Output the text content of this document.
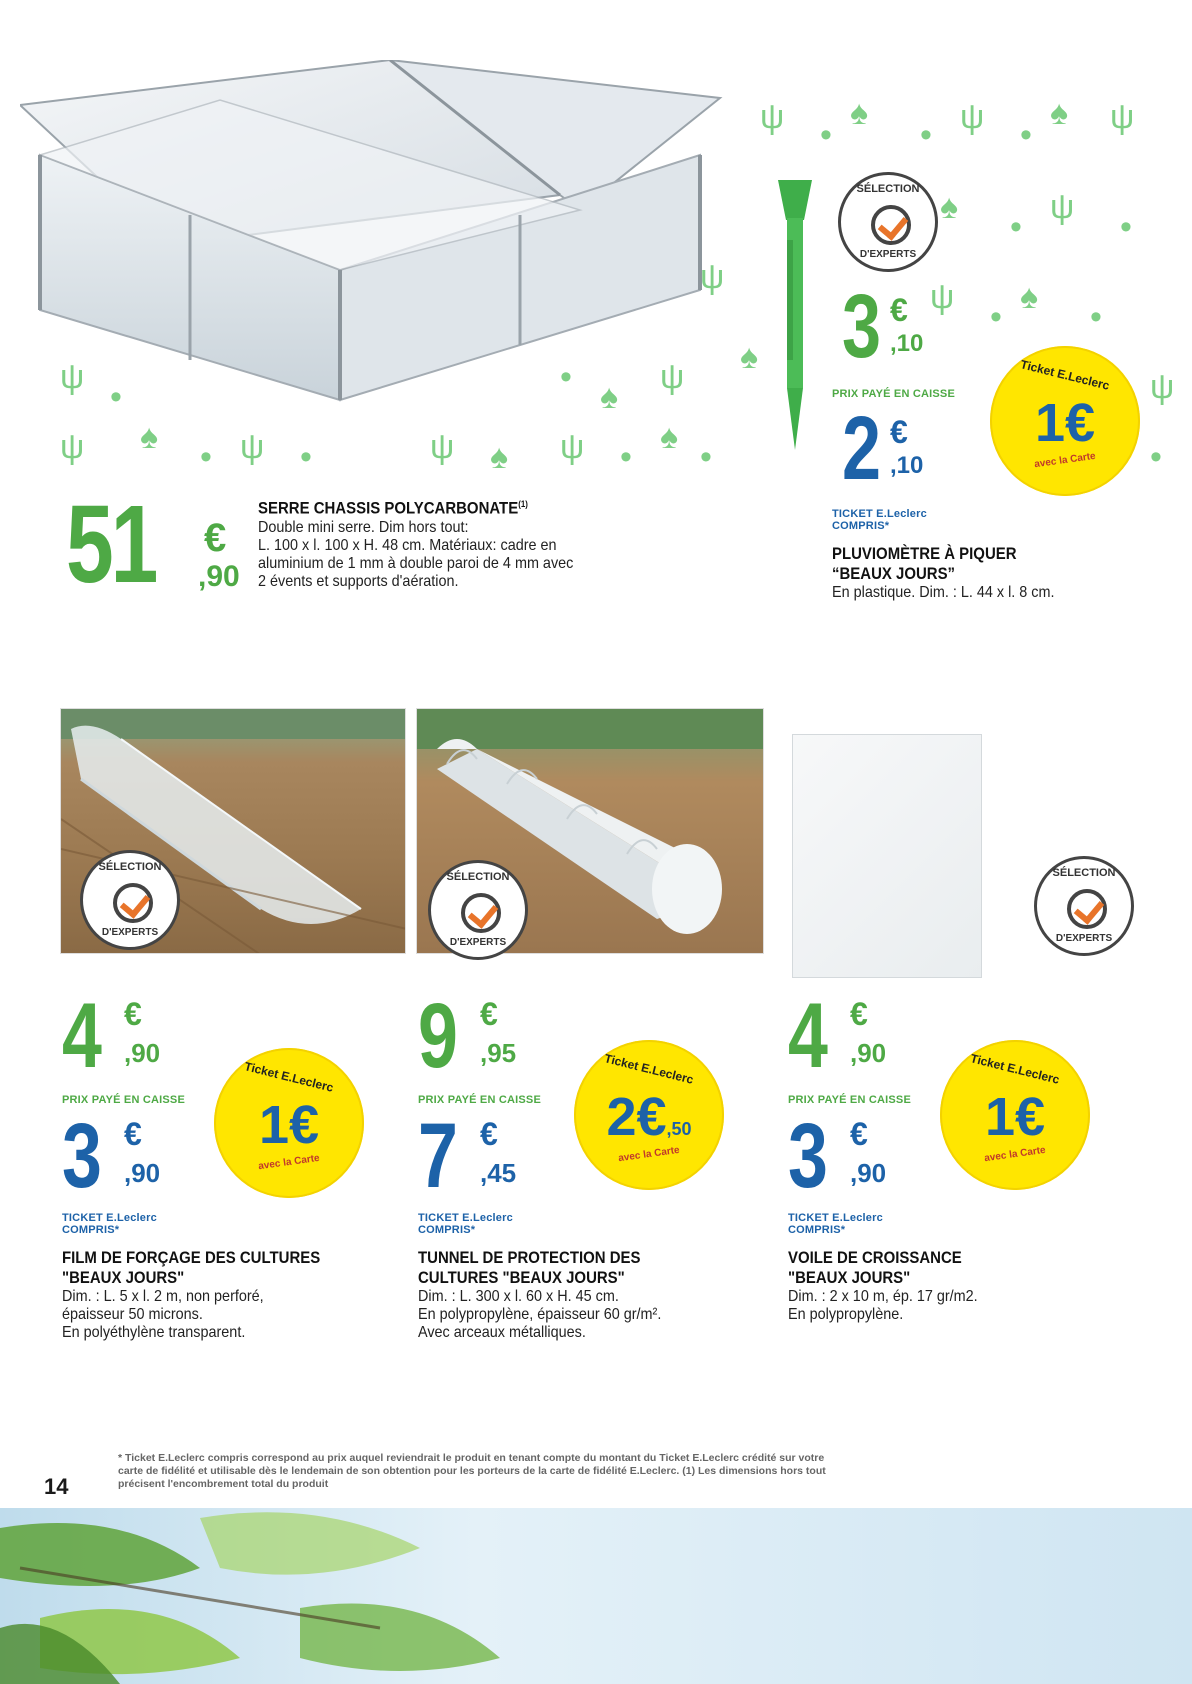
ψ •
♠
• ψ •
♠ ψ
♠
•
ψ
•
ψ
•
♠
•
ψ
♠
ψ
•
ψ
•
♠
ψ	• ψ •	ψ ♠ ψ •
♠
ψ
•
♠
•
51 €
,90
SERRE CHASSIS POLYCARBONATE$^{(1)}$
Double mini serre. Dim hors tout:
L. 100 x l. 100 x H. 48 cm. Matériaux: cadre en
aluminium de 1 mm à double paroi de 4 mm avec
2 évents et supports d'aération.
SÉLECTION
D'EXPERTS
3 €
,10
PRIX PAYÉ EN CAISSE
2 €
,10
TICKET E.Leclerc
COMPRIS*
Ticket E.Leclerc
1€
avec la Carte
PLUVIOMÈTRE À PIQUER
“BEAUX JOURS”
En plastique. Dim. : L. 44 x l. 8 cm.
SÉLECTION
D'EXPERTS
SÉLECTION
D'EXPERTS
SÉLECTION
D'EXPERTS
4 €
,90
PRIX PAYÉ EN CAISSE
3 €
,90
TICKET E.Leclerc
COMPRIS*
Ticket E.Leclerc
1€
avec la Carte
FILM DE FORÇAGE DES CULTURES
"BEAUX JOURS"
Dim. : L. 5 x l. 2 m, non perforé,
épaisseur 50 microns.
En polyéthylène transparent.
9 €
,95
PRIX PAYÉ EN CAISSE
7 €
,45
TICKET E.Leclerc
COMPRIS*
Ticket E.Leclerc
2€,50
avec la Carte
TUNNEL DE PROTECTION DES
CULTURES "BEAUX JOURS"
Dim. : L. 300 x l. 60 x H. 45 cm.
En polypropylène, épaisseur 60 gr/m².
Avec arceaux métalliques.
4 €
,90
PRIX PAYÉ EN CAISSE
3 €
,90
TICKET E.Leclerc
COMPRIS*
Ticket E.Leclerc
1€
avec la Carte
VOILE DE CROISSANCE
"BEAUX JOURS"
Dim. : 2 x 10 m, ép. 17 gr/m2.
En polypropylène.
14
* Ticket E.Leclerc compris correspond au prix auquel reviendrait le produit en tenant compte du montant du Ticket E.Leclerc crédité sur votre
carte de fidélité et utilisable dès le lendemain de son obtention pour les porteurs de la carte de fidélité E.Leclerc. (1) Les dimensions hors tout
précisent l'encombrement total du produit
